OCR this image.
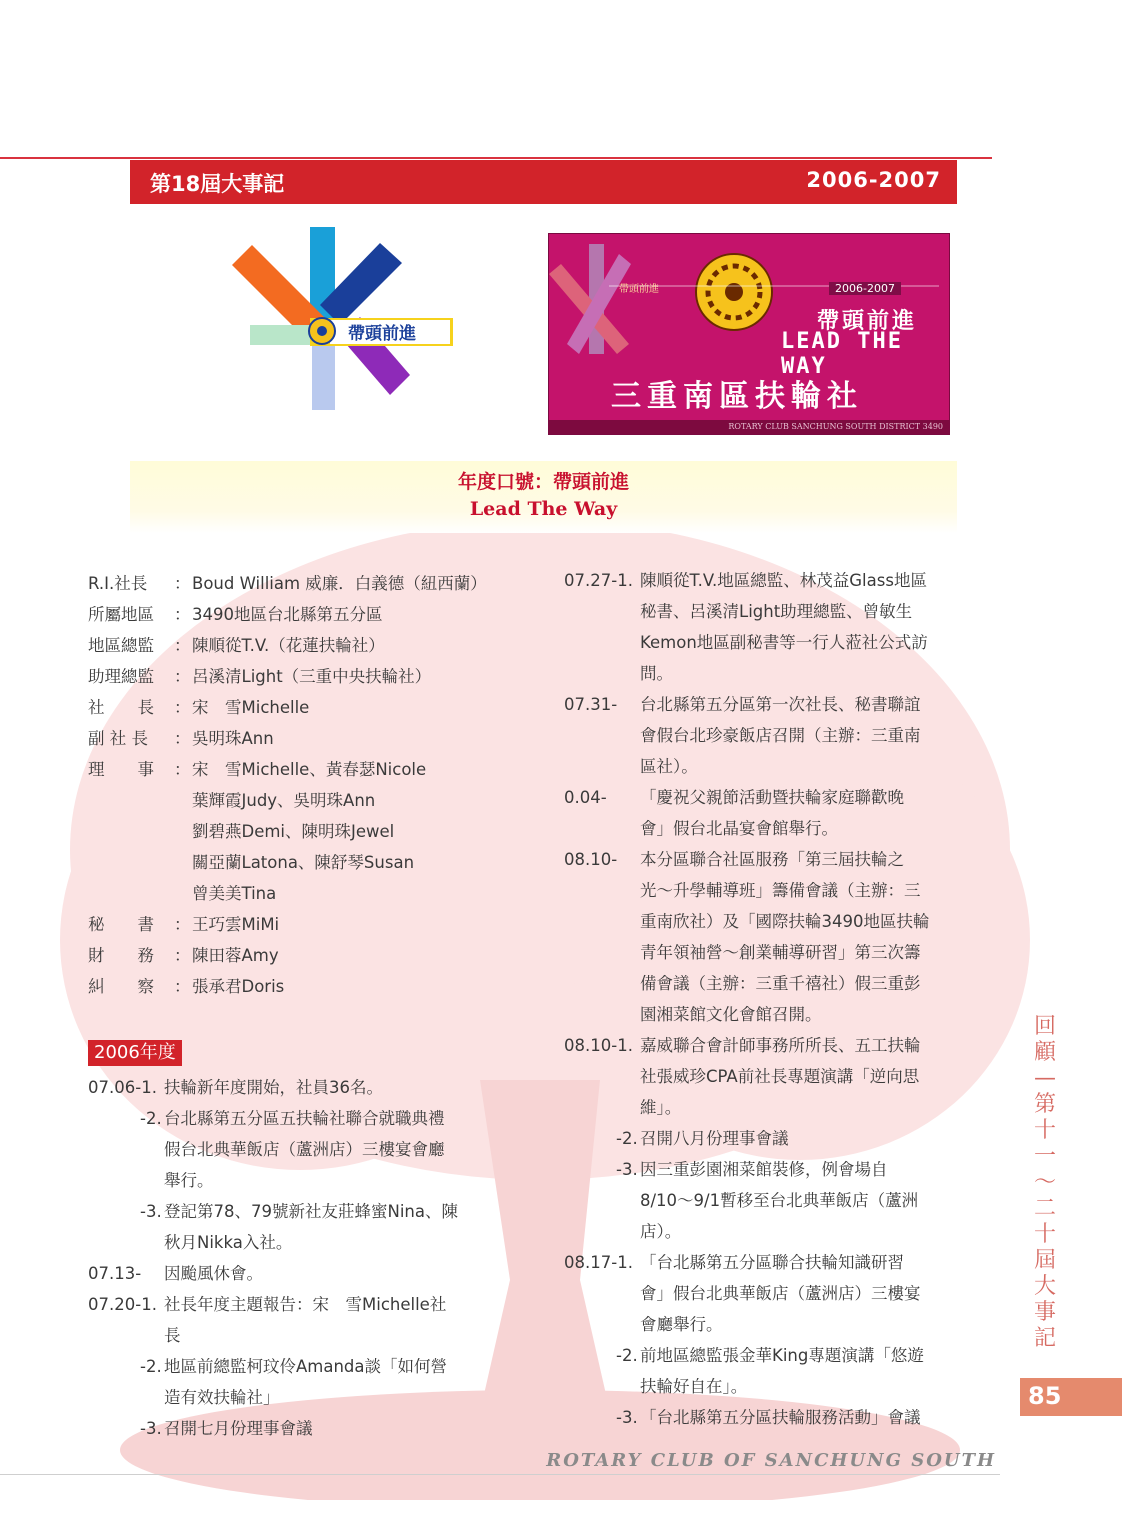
第18屆大事記	2006-2007
帶頭前進
帶頭前進	2006-2007
帶頭前進
LEAD THE WAY
三重南區扶輪社
ROTARY CLUB SANCHUNG SOUTH DISTRICT 3490
年度口號：帶頭前進
Lead The Way
R.I.社長	： Boud William 威廉．白義德（紐西蘭）
所屬地區	： 3490地區台北縣第五分區
地區總監	： 陳順從T.V.（花蓮扶輪社）
助理總監	： 呂溪清Light（三重中央扶輪社）
社　　長	： 宋　雪Michelle
副 社 長	： 吳明珠Ann
理　　事	： 宋　雪Michelle、黃春瑟Nicole
葉輝霞Judy、吳明珠Ann
劉碧燕Demi、陳明珠Jewel
關亞蘭Latona、陳舒琴Susan
曾美美Tina
秘　　書	： 王巧雲MiMi
財　　務	： 陳田蓉Amy
糾　　察	： 張承君Doris
2006年度
07.06-1. 扶輪新年度開始，社員36名。
-2. 台北縣第五分區五扶輪社聯合就職典禮
假台北典華飯店（蘆洲店）三樓宴會廳
舉行。
-3. 登記第78、79號新社友莊蜂蜜Nina、陳
秋月Nikka入社。
07.13- 因颱風休會。
07.20-1. 社長年度主題報告：宋　雪Michelle社
長
-2. 地區前總監柯玟伶Amanda談「如何營
造有效扶輪社」
-3. 召開七月份理事會議
07.27-1. 陳順從T.V.地區總監、林茂益Glass地區
秘書、呂溪清Light助理總監、曾敏生
Kemon地區副秘書等一行人蒞社公式訪
問。
07.31- 台北縣第五分區第一次社長、秘書聯誼
會假台北珍豪飯店召開（主辦：三重南
區社）。
0.04- 「慶祝父親節活動暨扶輪家庭聯歡晚
會」假台北晶宴會館舉行。
08.10- 本分區聯合社區服務「第三屆扶輪之
光～升學輔導班」籌備會議（主辦：三
重南欣社）及「國際扶輪3490地區扶輪
青年領袖營～創業輔導研習」第三次籌
備會議（主辦：三重千禧社）假三重彭
園湘菜館文化會館召開。
08.10-1. 嘉威聯合會計師事務所所長、五工扶輪
社張威珍CPA前社長專題演講「逆向思
維」。
-2. 召開八月份理事會議
-3. 因三重彭園湘菜館裝修，例會場自
8/10～9/1暫移至台北典華飯店（蘆洲
店）。
08.17-1. 「台北縣第五分區聯合扶輪知識研習
會」假台北典華飯店（蘆洲店）三樓宴
會廳舉行。
-2. 前地區總監張金華King專題演講「悠遊
扶輪好自在」。
-3. 「台北縣第五分區扶輪服務活動」會議
回
顧
—
第
十
一
～
二
十
屆
大
事
記
85
ROTARY CLUB OF SANCHUNG SOUTH
